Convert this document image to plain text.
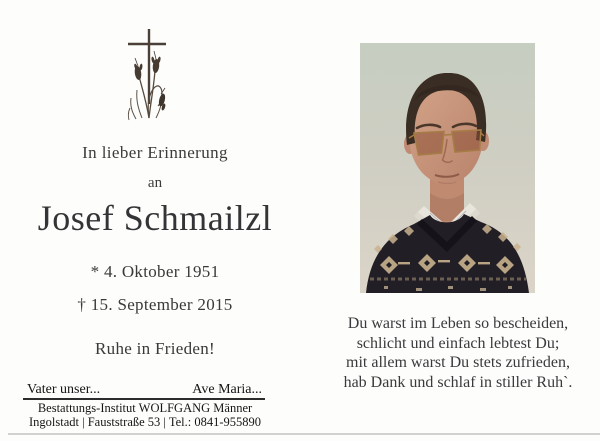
In lieber Erinnerung
an
Josef Schmailzl
* 4. Oktober 1951
† 15. September 2015
Ruhe in Frieden!
Vater unser...	Ave Maria...
Bestattungs-Institut WOLFGANG Männer
Ingolstadt | Fauststraße 53 | Tel.: 0841-955890
Du warst im Leben so bescheiden,
schlicht und einfach lebtest Du;
mit allem warst Du stets zufrieden,
hab Dank und schlaf in stiller Ruh`.
